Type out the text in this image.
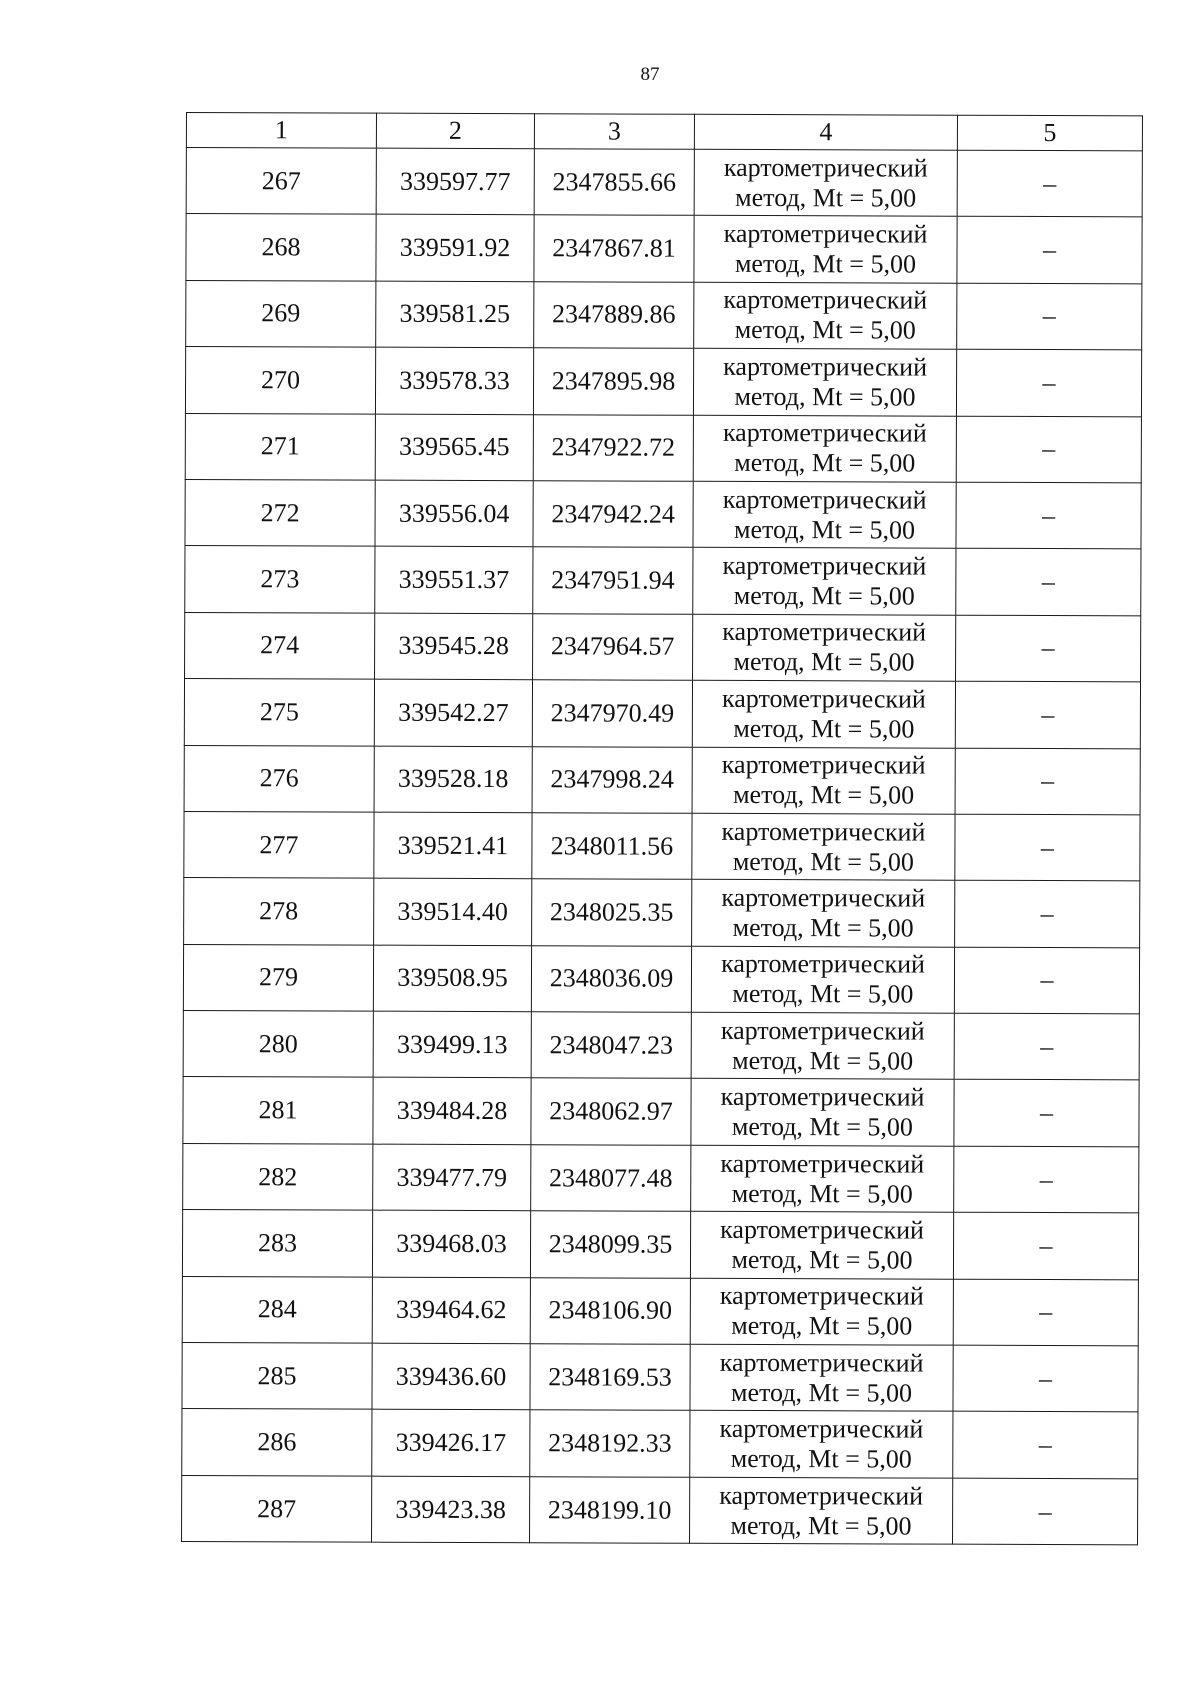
87
1	2	3	4	5
267	339597.77	2347855.66	картометрический
метод, Mt = 5,00	–
268	339591.92	2347867.81	картометрический
метод, Mt = 5,00	–
269	339581.25	2347889.86	картометрический
метод, Mt = 5,00	–
270	339578.33	2347895.98	картометрический
метод, Mt = 5,00	–
271	339565.45	2347922.72	картометрический
метод, Mt = 5,00	–
272	339556.04	2347942.24	картометрический
метод, Mt = 5,00	–
273	339551.37	2347951.94	картометрический
метод, Mt = 5,00	–
274	339545.28	2347964.57	картометрический
метод, Mt = 5,00	–
275	339542.27	2347970.49	картометрический
метод, Mt = 5,00	–
276	339528.18	2347998.24	картометрический
метод, Mt = 5,00	–
277	339521.41	2348011.56	картометрический
метод, Mt = 5,00	–
278	339514.40	2348025.35	картометрический
метод, Mt = 5,00	–
279	339508.95	2348036.09	картометрический
метод, Mt = 5,00	–
280	339499.13	2348047.23	картометрический
метод, Mt = 5,00	–
281	339484.28	2348062.97	картометрический
метод, Mt = 5,00	–
282	339477.79	2348077.48	картометрический
метод, Mt = 5,00	–
283	339468.03	2348099.35	картометрический
метод, Mt = 5,00	–
284	339464.62	2348106.90	картометрический
метод, Mt = 5,00	–
285	339436.60	2348169.53	картометрический
метод, Mt = 5,00	–
286	339426.17	2348192.33	картометрический
метод, Mt = 5,00	–
287	339423.38	2348199.10	картометрический
метод, Mt = 5,00	–
